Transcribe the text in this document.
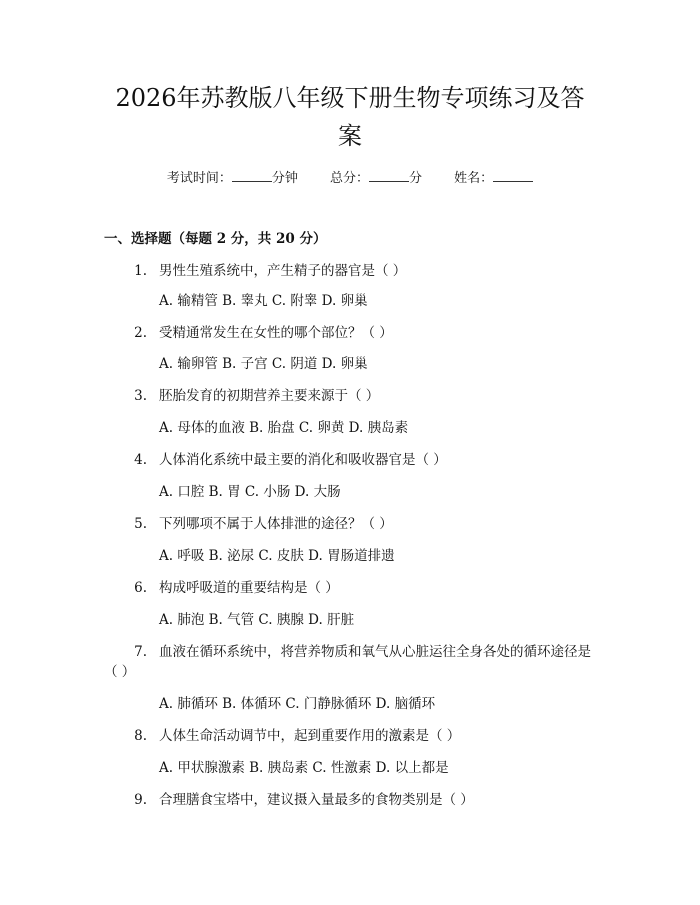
2026年苏教版八年级下册生物专项练习及答
案
考试时间：	分钟 总分：	分 姓名：
一、选择题（每题 2 分，共 20 分）
1. 男性生殖系统中，产生精子的器官是（ ）
A. 输精管 B. 睾丸 C. 附睾 D. 卵巢
2. 受精通常发生在女性的哪个部位？（ ）
A. 输卵管 B. 子宫 C. 阴道 D. 卵巢
3. 胚胎发育的初期营养主要来源于（ ）
A. 母体的血液 B. 胎盘 C. 卵黄 D. 胰岛素
4. 人体消化系统中最主要的消化和吸收器官是（ ）
A. 口腔 B. 胃 C. 小肠 D. 大肠
5. 下列哪项不属于人体排泄的途径？（ ）
A. 呼吸 B. 泌尿 C. 皮肤 D. 胃肠道排遗
6. 构成呼吸道的重要结构是（ ）
A. 肺泡 B. 气管 C. 胰腺 D. 肝脏
7. 血液在循环系统中，将营养物质和氧气从心脏运往全身各处的循环途径是
（ ）
A. 肺循环 B. 体循环 C. 门静脉循环 D. 脑循环
8. 人体生命活动调节中，起到重要作用的激素是（ ）
A. 甲状腺激素 B. 胰岛素 C. 性激素 D. 以上都是
9. 合理膳食宝塔中，建议摄入量最多的食物类别是（ ）
